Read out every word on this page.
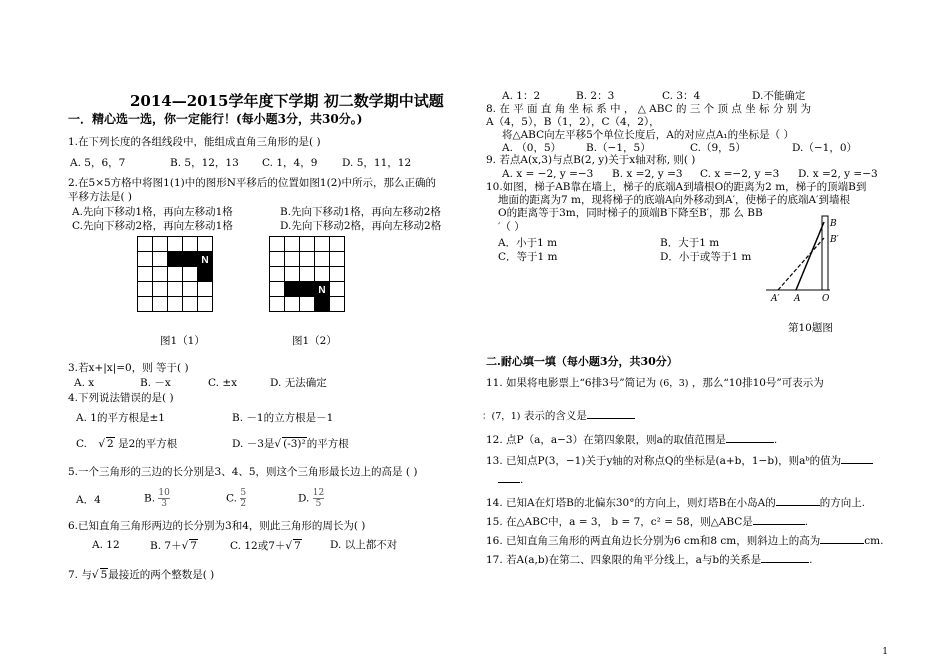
2014—2015学年度下学期 初二数学期中试题
一．精心选一选，你一定能行！(每小题3分，共30分。)
1.在下列长度的各组线段中，能组成直角三角形的是( )
A. 5，6，7	B. 5，12，13 C. 1，4，9 D. 5，11，12
2.在5×5方格中将图1(1)中的图形N平移后的位置如图1(2)中所示，那么正确的
平移方法是( )
A.先向下移动1格，再向左移动1格	B.先向下移动1格，再向左移动2格
C.先向下移动2格，再向左移动1格	D.先向下移动2格，再向左移动2格
N
图1（1）
N
图1（2）
3.若x+|x|=0，则 等于( )
A. x	B. －x	C. ±x	D. 无法确定
4.下列说法错误的是( )
A. 1的平方根是±1	B. －1的立方根是－1
C. √ 2 是2的平方根	D. －3是√ (-3)²的平方根
5.一个三角形的三边的长分别是3、4、5，则这个三角形最长边上的高是 ( )
A．4	B. $\frac{10}{3}$	C. $\frac{5}{2}$	D. $\frac{12}{5}$
6.已知直角三角形两边的长分别为3和4，则此三角形的周长为( )
A. 12	B. 7＋√ 7	C. 12或7＋√ 7	D. 以上都不对
7. 与√ 5最接近的两个整数是( )
A. 1：2	B. 2：3	C. 3：4	D.不能确定
8. 在 平 面 直 角 坐 标 系 中 ， △ ABC 的 三 个 顶 点 坐 标 分 别 为
A（4，5），B（1，2），C（4，2），
将△ABC向左平移5个单位长度后，A的对应点A₁的坐标是（ ）
A. （0，5） B.（−1，5）	C.（9，5）	D.（−1，0）
9. 若点A(x,3)与点B(2, y)关于x轴对称, 则( )
A. x = −2, y =−3 B. x =2, y =3 C. x =−2, y =3 D. x =2, y =−3
10.如图，梯子AB靠在墙上，梯子的底端A到墙根O的距离为2 m，梯子的顶端B到
地面的距离为7 m，现将梯子的底端A向外移动到A′，使梯子的底端A′到墙根
O的距离等于3m，同时梯子的顶端B下降至B′，那 么 BB
′（ ）
A．小于1 m	B．大于1 m
C．等于1 m	D．小于或等于1 m
B
B′
A′ A O
第10题图
二.耐心填一填（每小题3分，共30分）
11. 如果将电影票上“6排3号”简记为 (6，3) ，那么“10排10号”可表示为
：(7，1) 表示的含义是
12. 点P（a，a−3）在第四象限，则a的取值范围是	.
13. 已知点P(3，−1)关于y轴的对称点Q的坐标是(a+b，1−b)，则aᵇ的值为
.
14. 已知A在灯塔B的北偏东30°的方向上，则灯塔B在小岛A的	的方向上.
15. 在△ABC中，a = 3， b = 7，c² = 58，则△ABC是	.
16. 已知直角三角形的两直角边长分别为6 cm和8 cm，则斜边上的高为	cm.
17. 若A(a,b)在第二、四象限的角平分线上，a与b的关系是	.
1
